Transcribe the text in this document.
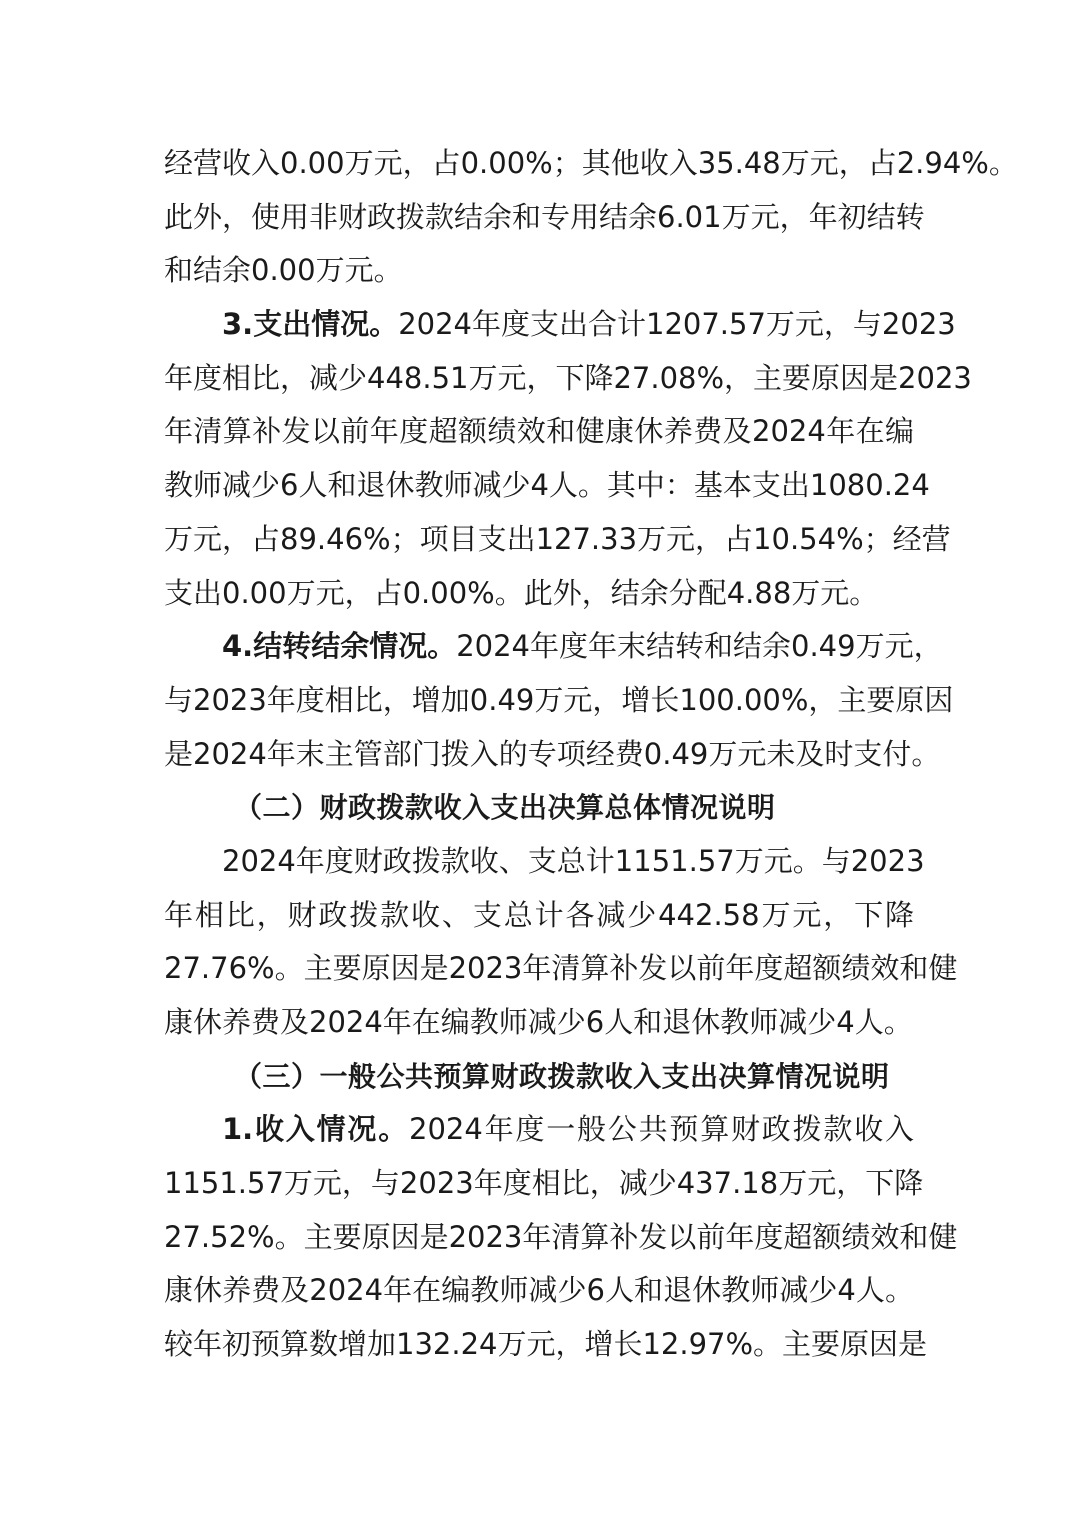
经营收入0.00万元，占0.00%；其他收入35.48万元，占2.94%。
此外，使用非财政拨款结余和专用结余6.01万元，年初结转
和结余0.00万元。
3.支出情况。2024年度支出合计1207.57万元，与2023
年度相比，减少448.51万元，下降27.08%，主要原因是2023
年清算补发以前年度超额绩效和健康休养费及2024年在编
教师减少6人和退休教师减少4人。其中：基本支出1080.24
万元，占89.46%；项目支出127.33万元，占10.54%；经营
支出0.00万元，占0.00%。此外，结余分配4.88万元。
4.结转结余情况。2024年度年末结转和结余0.49万元，
与2023年度相比，增加0.49万元，增长100.00%，主要原因
是2024年末主管部门拨入的专项经费0.49万元未及时支付。
（二）财政拨款收入支出决算总体情况说明
2024年度财政拨款收、支总计1151.57万元。与2023
年相比，财政拨款收、支总计各减少442.58万元，下降
27.76%。主要原因是2023年清算补发以前年度超额绩效和健
康休养费及2024年在编教师减少6人和退休教师减少4人。
（三）一般公共预算财政拨款收入支出决算情况说明
1.收入情况。2024年度一般公共预算财政拨款收入
1151.57万元，与2023年度相比，减少437.18万元，下降
27.52%。主要原因是2023年清算补发以前年度超额绩效和健
康休养费及2024年在编教师减少6人和退休教师减少4人。
较年初预算数增加132.24万元，增长12.97%。主要原因是
